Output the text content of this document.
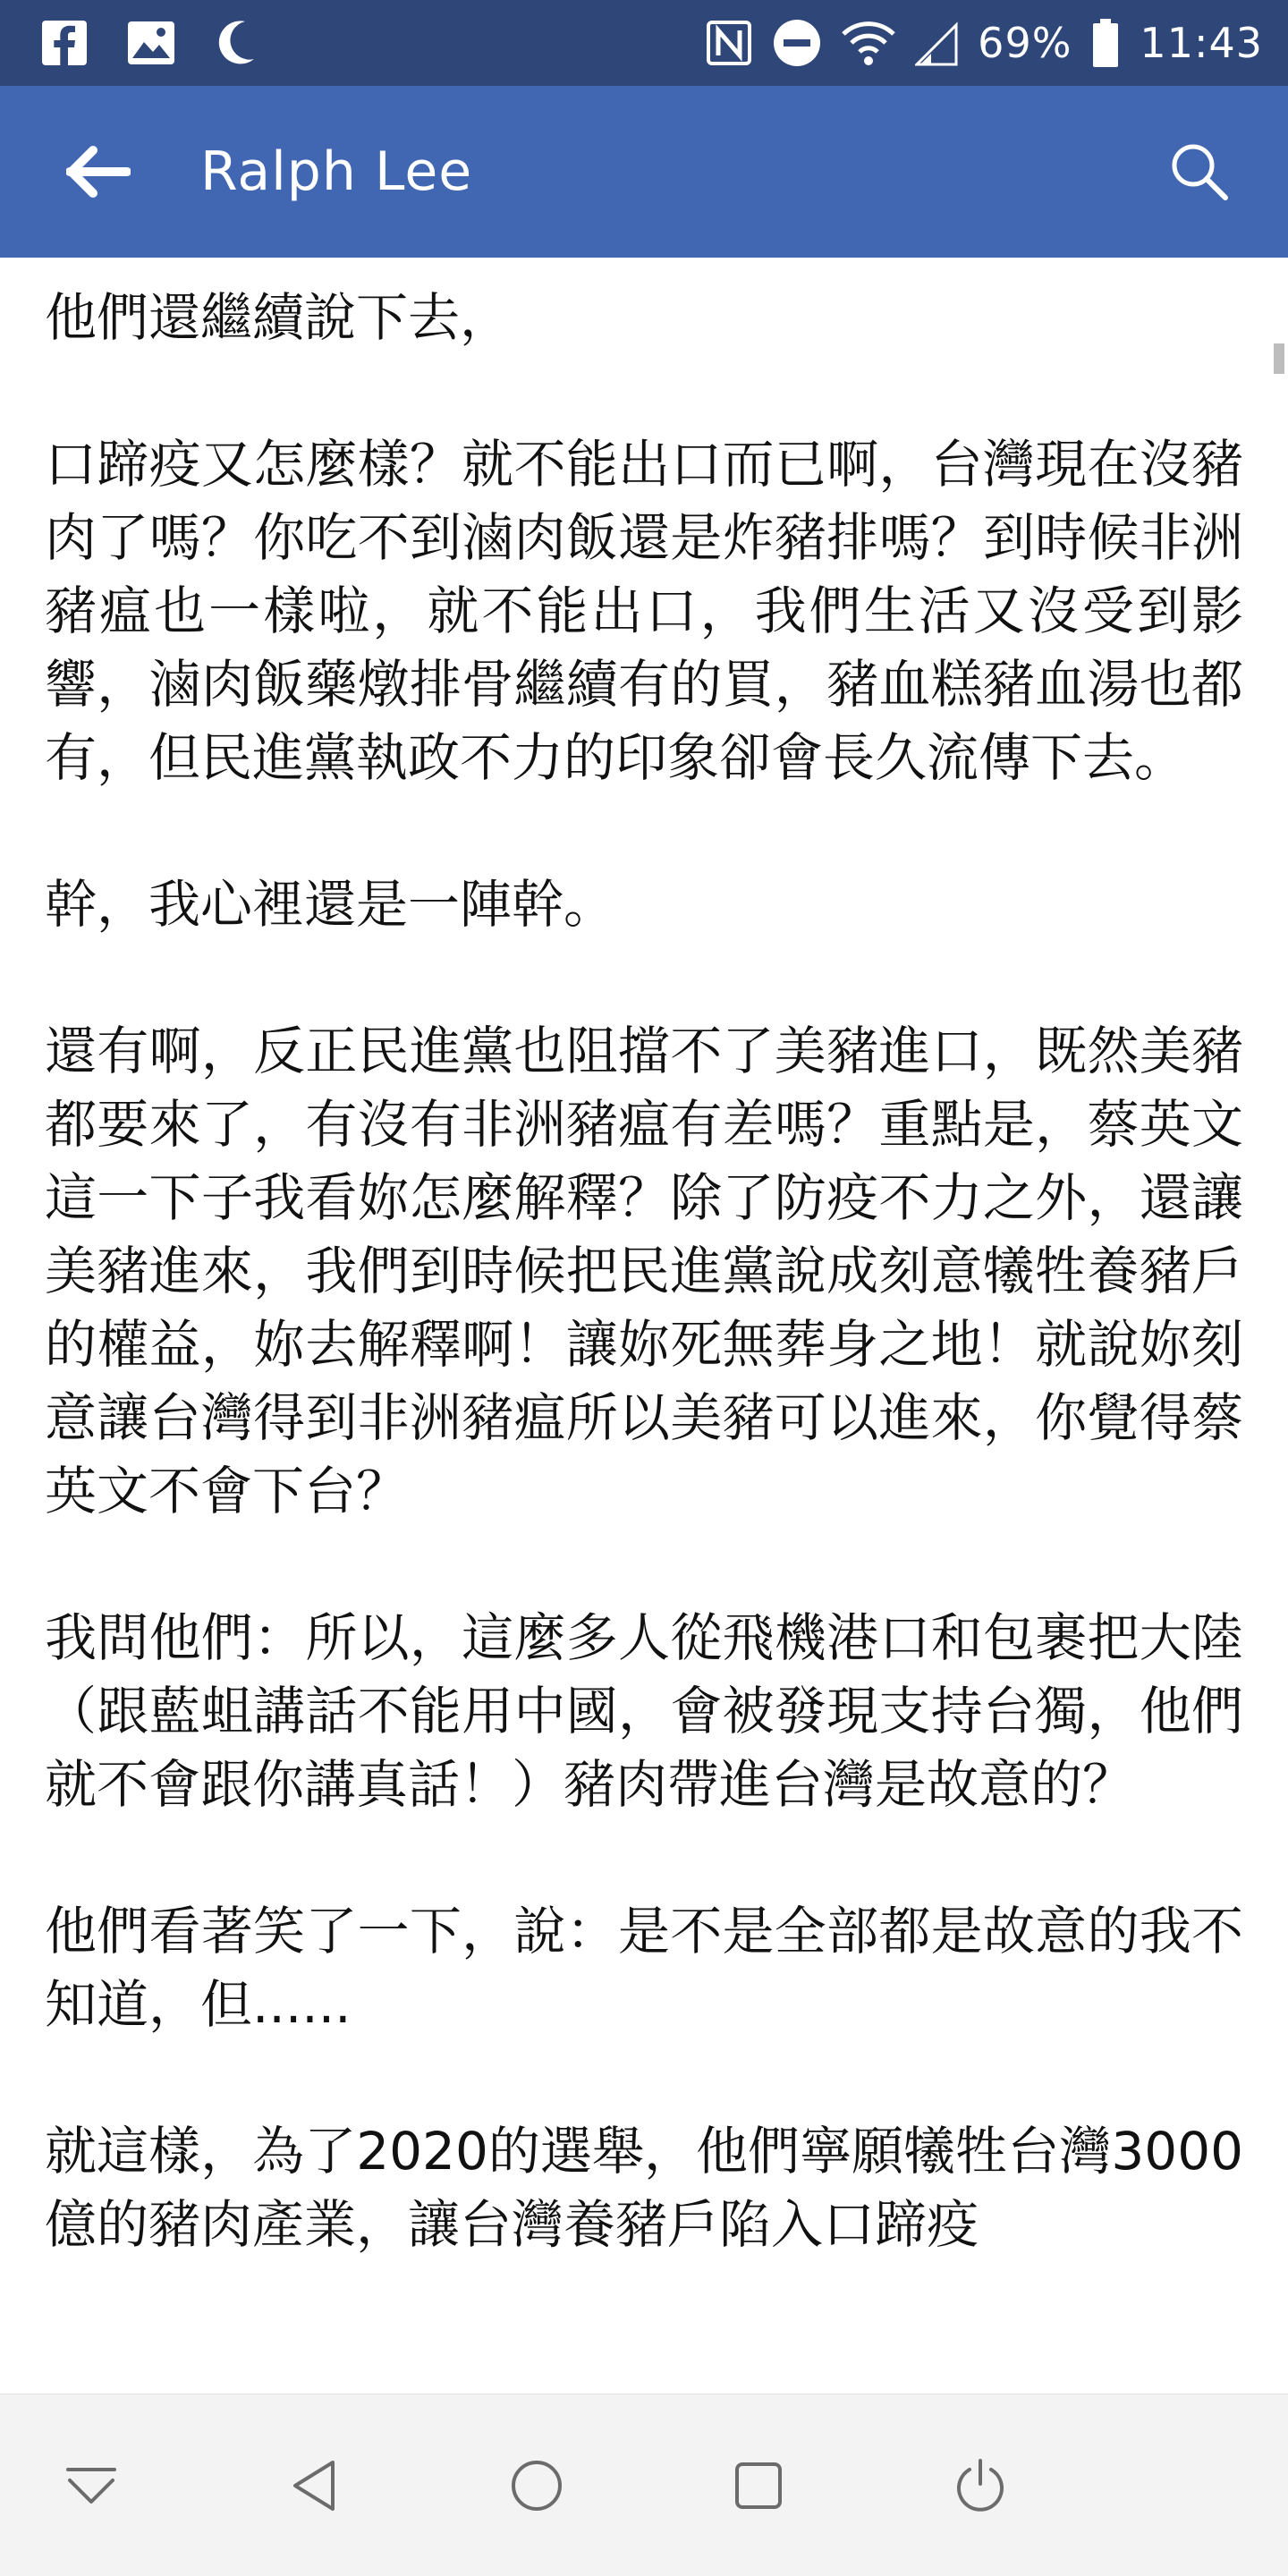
69% 11:43
Ralph Lee
他們還繼續說下去，

口蹄疫又怎麼樣？就不能出口而已啊，台灣現在沒豬肉了嗎？你吃不到滷肉飯還是炸豬排嗎？到時候非洲豬瘟也一樣啦，就不能出口，我們生活又沒受到影響，滷肉飯藥燉排骨繼續有的買，豬血糕豬血湯也都有，但民進黨執政不力的印象卻會長久流傳下去。

幹，我心裡還是一陣幹。

還有啊，反正民進黨也阻擋不了美豬進口，既然美豬都要來了，有沒有非洲豬瘟有差嗎？重點是，蔡英文這一下子我看妳怎麼解釋？除了防疫不力之外，還讓美豬進來，我們到時候把民進黨說成刻意犧牲養豬戶的權益，妳去解釋啊！讓妳死無葬身之地！就說妳刻意讓台灣得到非洲豬瘟所以美豬可以進來，你覺得蔡英文不會下台？

我問他們：所以，這麼多人從飛機港口和包裹把大陸（跟藍蛆講話不能用中國，會被發現支持台獨，他們就不會跟你講真話！）豬肉帶進台灣是故意的？

他們看著笑了一下，說：是不是全部都是故意的我不知道，但......

就這樣，為了2020的選舉，他們寧願犧牲台灣3000億的豬肉產業，讓台灣養豬戶陷入口蹄疫
